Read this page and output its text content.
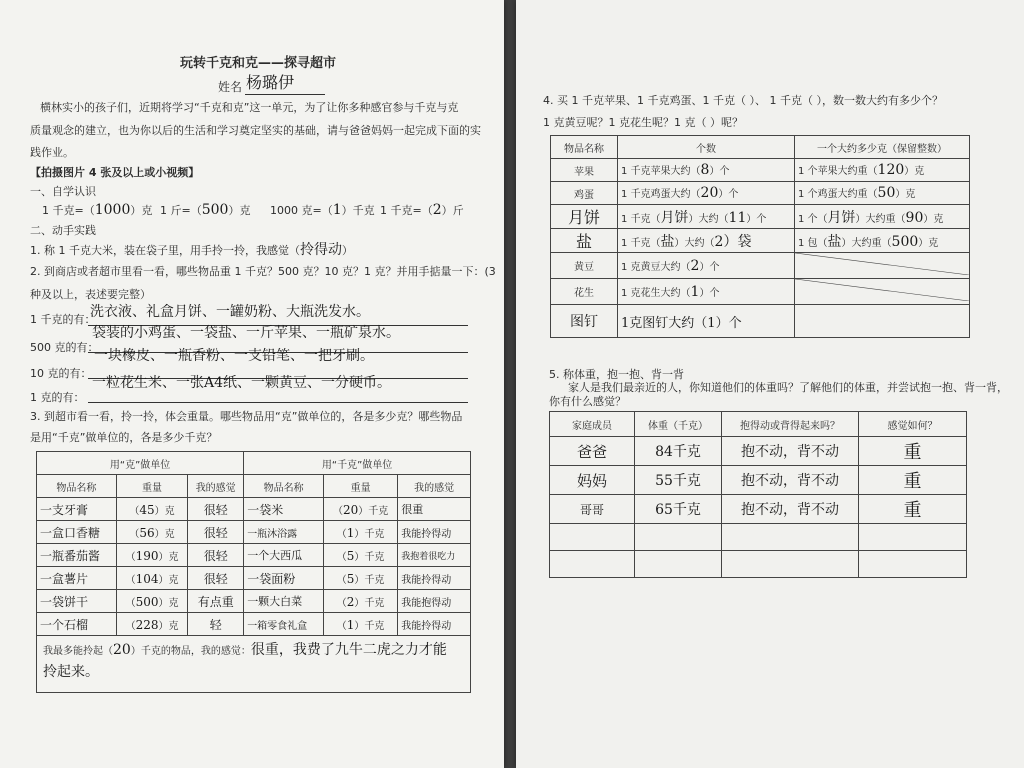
玩转千克和克——探寻超市
姓名 杨璐伊
横林实小的孩子们，近期将学习“千克和克”这一单元，为了让你多种感官参与千克与克
质量观念的建立，也为你以后的生活和学习奠定坚实的基础，请与爸爸妈妈一起完成下面的实
践作业。
【拍摄图片 4 张及以上或小视频】
一、自学认识
1 千克=（1000）克 1 斤=（500）克 1000 克=（1）千克 1 千克=（2）斤
二、动手实践
1. 称 1 千克大米，装在袋子里，用手拎一拎，我感觉（拎得动）
2. 到商店或者超市里看一看，哪些物品重 1 千克？500 克？10 克？1 克？并用手掂量一下：(3
种及以上，表述要完整）
1 千克的有：
洗衣液、礼盒月饼、一罐奶粉、大瓶洗发水。
500 克的有：
袋装的小鸡蛋、一袋盐、一斤苹果、一瓶矿泉水。
10 克的有：
一块橡皮、一瓶香粉、一支铅笔、一把牙刷。
1 克的有：
一粒花生米、一张A4纸、一颗黄豆、一分硬币。
3. 到超市看一看，拎一拎，体会重量。哪些物品用“克”做单位的，各是多少克？哪些物品
是用“千克”做单位的，各是多少千克？
用“克”做单位			用“千克”做单位		
物品名称	重量	我的感觉	物品名称	重量	我的感觉
一支牙膏	（45）克	很轻	一袋米	（20）千克	很重
一盒口香糖	（56）克	很轻	一瓶沐浴露	（1）千克	我能拎得动
一瓶番茄酱	（190）克	很轻	一个大西瓜	（5）千克	我抱着很吃力
一盒薯片	（104）克	很轻	一袋面粉	（5）千克	我能拎得动
一袋饼干	（500）克	有点重	一颗大白菜	（2）千克	我能抱得动
一个石榴	（228）克	轻	一箱零食礼盒	（1）千克	我能拎得动
我最多能拎起（20）千克的物品，我的感觉：很重，我费了九牛二虎之力才能
拎起来。					
4. 买 1 千克苹果、1 千克鸡蛋、1 千克（ ）、 1 千克（ ），数一数大约有多少个？
1 克黄豆呢？1 克花生呢？1 克（ ）呢？
物品名称	个数	一个大约多少克（保留整数）
苹果	1 千克苹果大约（8）个	1 个苹果大约重（120）克
鸡蛋	1 千克鸡蛋大约（20）个	1 个鸡蛋大约重（50）克
月饼	1 千克（月饼）大约（11）个	1 个（月饼）大约重（90）克
盐	1 千克（盐）大约（2）袋	1 包（盐）大约重（500）克
黄豆	1 克黄豆大约（2）个	
花生	1 克花生大约（1）个	
图钉	1克图钉大约（1）个	
5. 称体重，抱一抱、背一背
家人是我们最亲近的人，你知道他们的体重吗？了解他们的体重，并尝试抱一抱、背一背，
你有什么感觉？
家庭成员	体重（千克）	抱得动或背得起来吗？	感觉如何？
爸爸	84千克	抱不动，背不动	重
妈妈	55千克	抱不动，背不动	重
哥哥	65千克	抱不动，背不动	重
